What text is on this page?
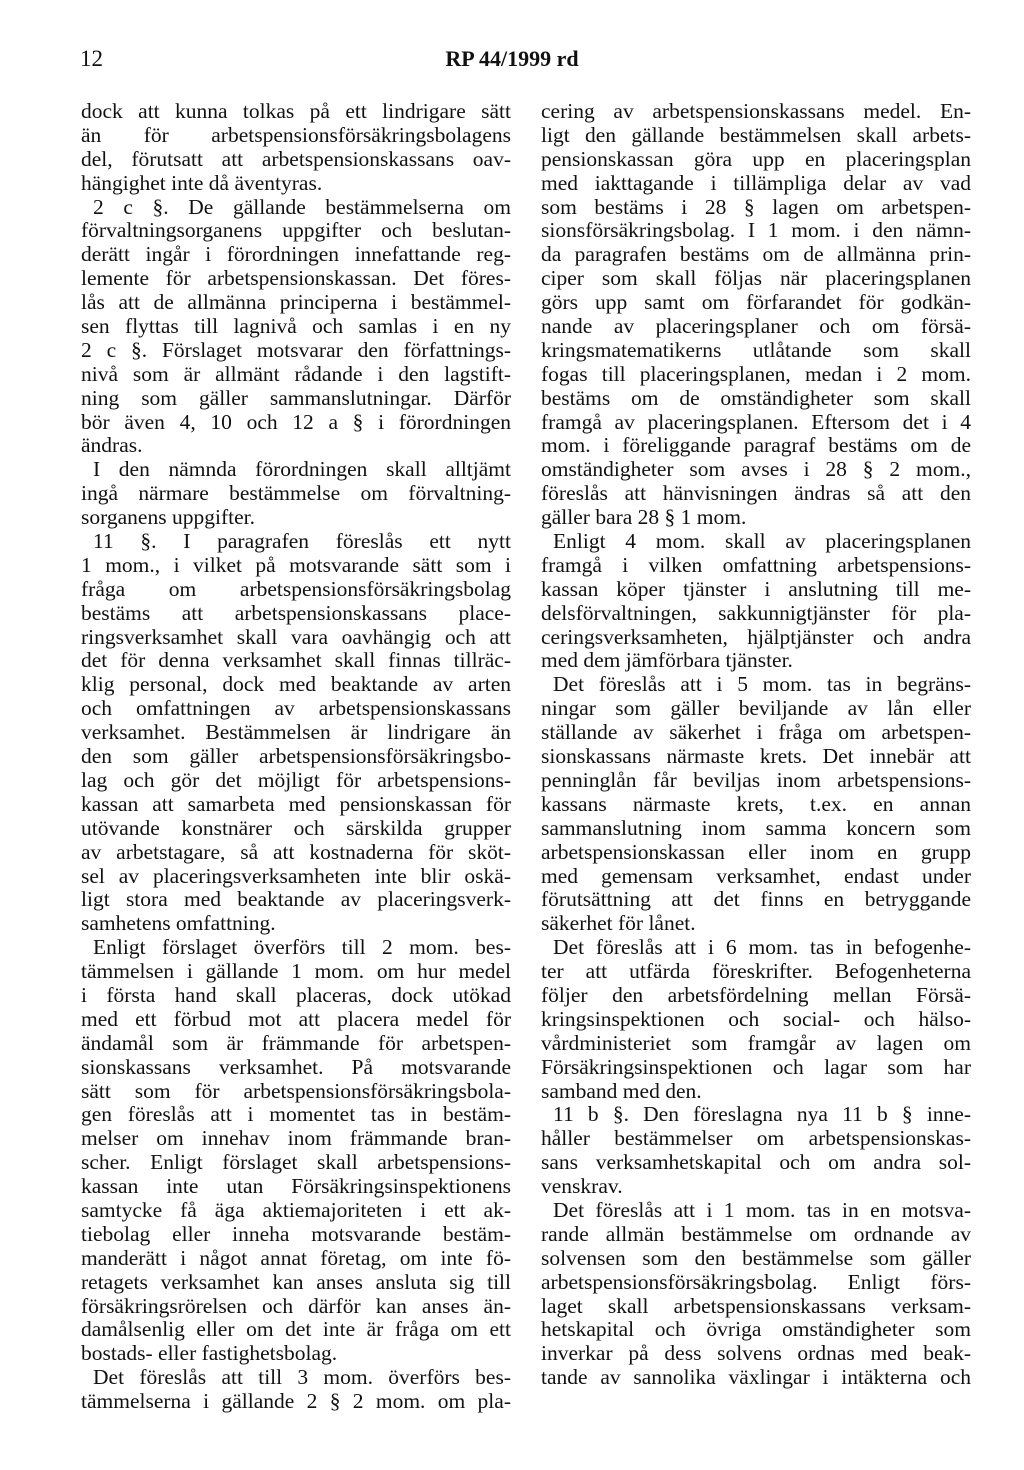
12	RP 44/1999 rd
dock att kunna tolkas på ett lindrigare sätt
än för arbetspensionsförsäkringsbolagens
del, förutsatt att arbetspensionskassans oav-
hängighet inte då äventyras.
2 c §. De gällande bestämmelserna om
förvaltningsorganens uppgifter och beslutan-
derätt ingår i förordningen innefattande reg-
lemente för arbetspensionskassan. Det föres-
lås att de allmänna principerna i bestämmel-
sen flyttas till lagnivå och samlas i en ny
2 c §. Förslaget motsvarar den författnings-
nivå som är allmänt rådande i den lagstift-
ning som gäller sammanslutningar. Därför
bör även 4, 10 och 12 a § i förordningen
ändras.
I den nämnda förordningen skall alltjämt
ingå närmare bestämmelse om förvaltning-
sorganens uppgifter.
11 §. I paragrafen föreslås ett nytt
1 mom., i vilket på motsvarande sätt som i
fråga om arbetspensionsförsäkringsbolag
bestäms att arbetspensionskassans place-
ringsverksamhet skall vara oavhängig och att
det för denna verksamhet skall finnas tillräc-
klig personal, dock med beaktande av arten
och omfattningen av arbetspensionskassans
verksamhet. Bestämmelsen är lindrigare än
den som gäller arbetspensionsförsäkringsbo-
lag och gör det möjligt för arbetspensions-
kassan att samarbeta med pensionskassan för
utövande konstnärer och särskilda grupper
av arbetstagare, så att kostnaderna för sköt-
sel av placeringsverksamheten inte blir oskä-
ligt stora med beaktande av placeringsverk-
samhetens omfattning.
Enligt förslaget överförs till 2 mom. bes-
tämmelsen i gällande 1 mom. om hur medel
i första hand skall placeras, dock utökad
med ett förbud mot att placera medel för
ändamål som är främmande för arbetspen-
sionskassans verksamhet. På motsvarande
sätt som för arbetspensionsförsäkringsbola-
gen föreslås att i momentet tas in bestäm-
melser om innehav inom främmande bran-
scher. Enligt förslaget skall arbetspensions-
kassan inte utan Försäkringsinspektionens
samtycke få äga aktiemajoriteten i ett ak-
tiebolag eller inneha motsvarande bestäm-
manderätt i något annat företag, om inte fö-
retagets verksamhet kan anses ansluta sig till
försäkringsrörelsen och därför kan anses än-
damålsenlig eller om det inte är fråga om ett
bostads- eller fastighetsbolag.
Det föreslås att till 3 mom. överförs bes-
tämmelserna i gällande 2 § 2 mom. om pla-
cering av arbetspensionskassans medel. En-
ligt den gällande bestämmelsen skall arbets-
pensionskassan göra upp en placeringsplan
med iakttagande i tillämpliga delar av vad
som bestäms i 28 § lagen om arbetspen-
sionsförsäkringsbolag. I 1 mom. i den nämn-
da paragrafen bestäms om de allmänna prin-
ciper som skall följas när placeringsplanen
görs upp samt om förfarandet för godkän-
nande av placeringsplaner och om försä-
kringsmatematikerns utlåtande som skall
fogas till placeringsplanen, medan i 2 mom.
bestäms om de omständigheter som skall
framgå av placeringsplanen. Eftersom det i 4
mom. i föreliggande paragraf bestäms om de
omständigheter som avses i 28 § 2 mom.,
föreslås att hänvisningen ändras så att den
gäller bara 28 § 1 mom.
Enligt 4 mom. skall av placeringsplanen
framgå i vilken omfattning arbetspensions-
kassan köper tjänster i anslutning till me-
delsförvaltningen, sakkunnigtjänster för pla-
ceringsverksamheten, hjälptjänster och andra
med dem jämförbara tjänster.
Det föreslås att i 5 mom. tas in begräns-
ningar som gäller beviljande av lån eller
ställande av säkerhet i fråga om arbetspen-
sionskassans närmaste krets. Det innebär att
penninglån får beviljas inom arbetspensions-
kassans närmaste krets, t.ex. en annan
sammanslutning inom samma koncern som
arbetspensionskassan eller inom en grupp
med gemensam verksamhet, endast under
förutsättning att det finns en betryggande
säkerhet för lånet.
Det föreslås att i 6 mom. tas in befogenhe-
ter att utfärda föreskrifter. Befogenheterna
följer den arbetsfördelning mellan Försä-
kringsinspektionen och social- och hälso-
vårdministeriet som framgår av lagen om
Försäkringsinspektionen och lagar som har
samband med den.
11 b §. Den föreslagna nya 11 b § inne-
håller bestämmelser om arbetspensionskas-
sans verksamhetskapital och om andra sol-
venskrav.
Det föreslås att i 1 mom. tas in en motsva-
rande allmän bestämmelse om ordnande av
solvensen som den bestämmelse som gäller
arbetspensionsförsäkringsbolag. Enligt förs-
laget skall arbetspensionskassans verksam-
hetskapital och övriga omständigheter som
inverkar på dess solvens ordnas med beak-
tande av sannolika växlingar i intäkterna och
